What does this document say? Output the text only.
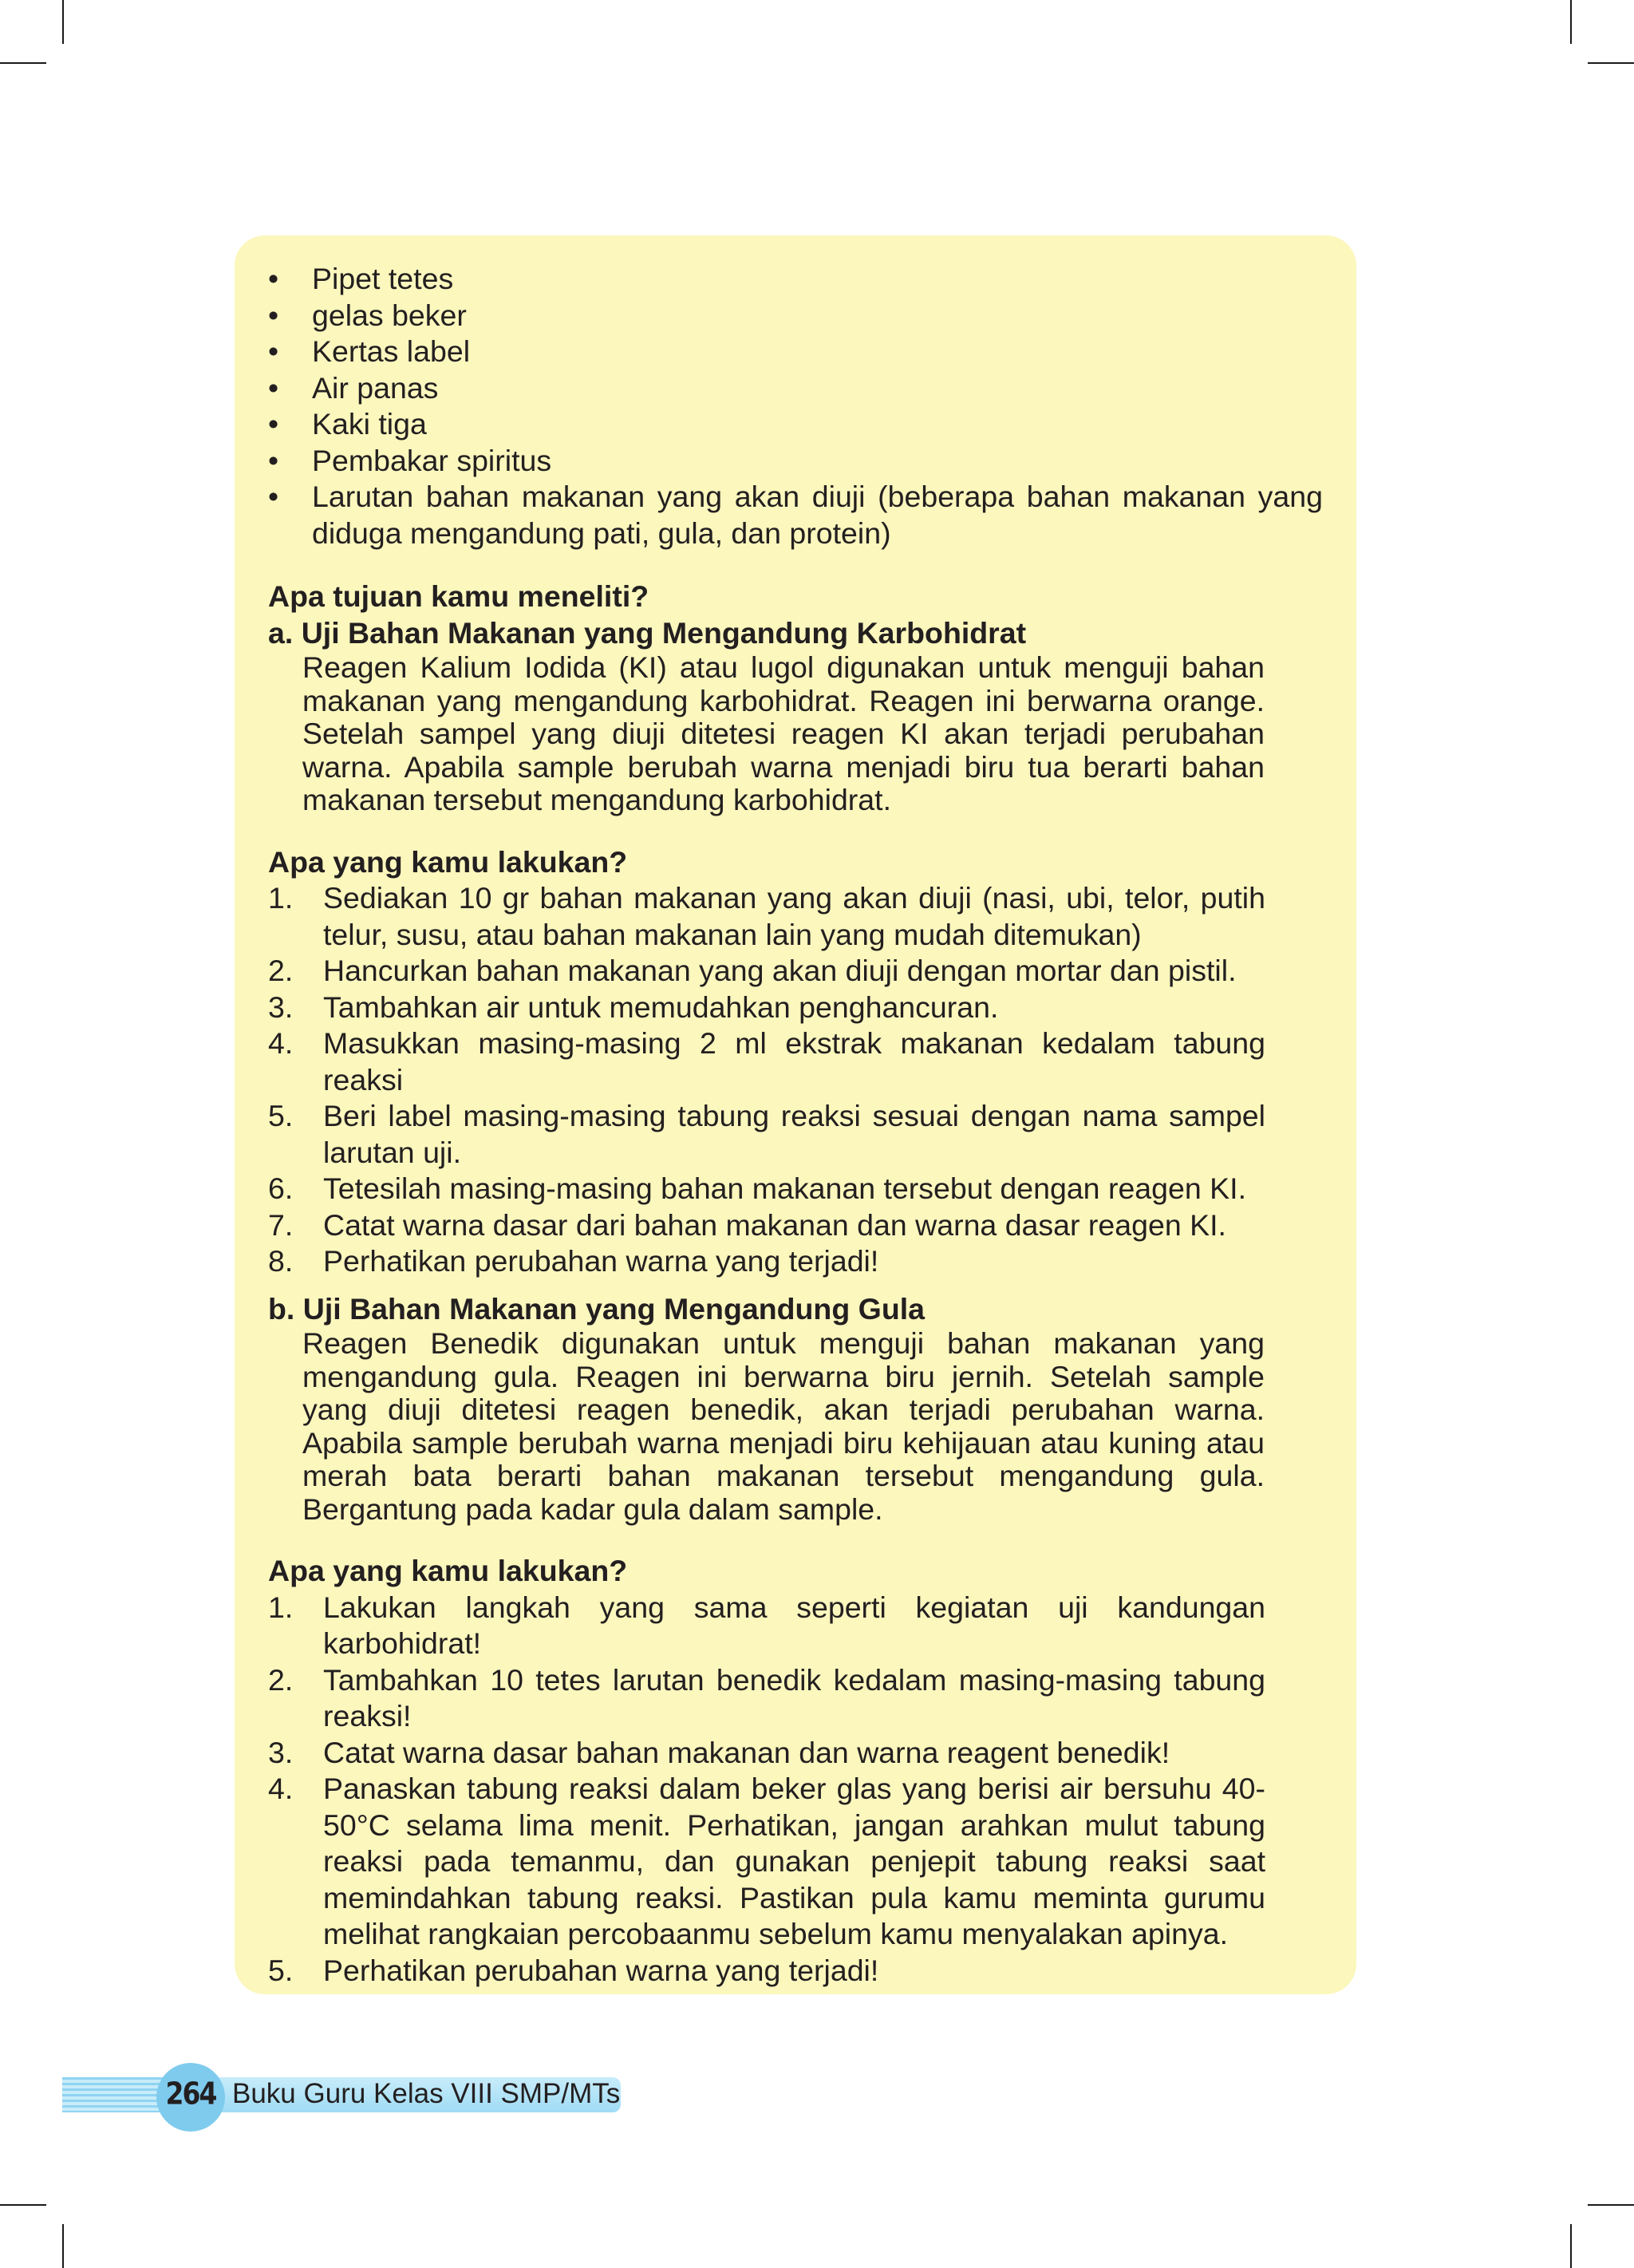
• Pipet tetes
• gelas beker
• Kertas label
• Air panas
• Kaki tiga
• Pembakar spiritus
• Larutan bahan makanan yang akan diuji (beberapa bahan makanan yang diduga mengandung pati, gula, dan protein)

Apa tujuan kamu meneliti?

a. Uji Bahan Makanan yang Mengandung Karbohidrat

Reagen Kalium Iodida (KI) atau lugol digunakan untuk menguji bahan makanan yang mengandung karbohidrat. Reagen ini berwarna orange. Setelah sampel yang diuji ditetesi reagen KI akan terjadi perubahan warna. Apabila sample berubah warna menjadi biru tua berarti bahan makanan tersebut mengandung karbohidrat.

Apa yang kamu lakukan?

1. Sediakan 10 gr bahan makanan yang akan diuji (nasi, ubi, telor, putih telur, susu, atau bahan makanan lain yang mudah ditemukan)
2. Hancurkan bahan makanan yang akan diuji dengan mortar dan pistil.
3. Tambahkan air untuk memudahkan penghancuran.
4. Masukkan masing-masing 2 ml ekstrak makanan kedalam tabung reaksi
5. Beri label masing-masing tabung reaksi sesuai dengan nama sampel larutan uji.
6. Tetesilah masing-masing bahan makanan tersebut dengan reagen KI.
7. Catat warna dasar dari bahan makanan dan warna dasar reagen KI.
8. Perhatikan perubahan warna yang terjadi!

b. Uji Bahan Makanan yang Mengandung Gula

Reagen Benedik digunakan untuk menguji bahan makanan yang mengandung gula. Reagen ini berwarna biru jernih. Setelah sample yang diuji ditetesi reagen benedik, akan terjadi perubahan warna. Apabila sample berubah warna menjadi biru kehijauan atau kuning atau merah bata berarti bahan makanan tersebut mengandung gula. Bergantung pada kadar gula dalam sample.

Apa yang kamu lakukan?

1. Lakukan langkah yang sama seperti kegiatan uji kandungan karbohidrat!
2. Tambahkan 10 tetes larutan benedik kedalam masing-masing tabung reaksi!
3. Catat warna dasar bahan makanan dan warna reagent benedik!
4. Panaskan tabung reaksi dalam beker glas yang berisi air bersuhu 40-50°C selama lima menit. Perhatikan, jangan arahkan mulut tabung reaksi pada temanmu, dan gunakan penjepit tabung reaksi saat memindahkan tabung reaksi. Pastikan pula kamu meminta gurumu melihat rangkaian percobaanmu sebelum kamu menyalakan apinya.
5. Perhatikan perubahan warna yang terjadi!
264 Buku Guru Kelas VIII SMP/MTs
